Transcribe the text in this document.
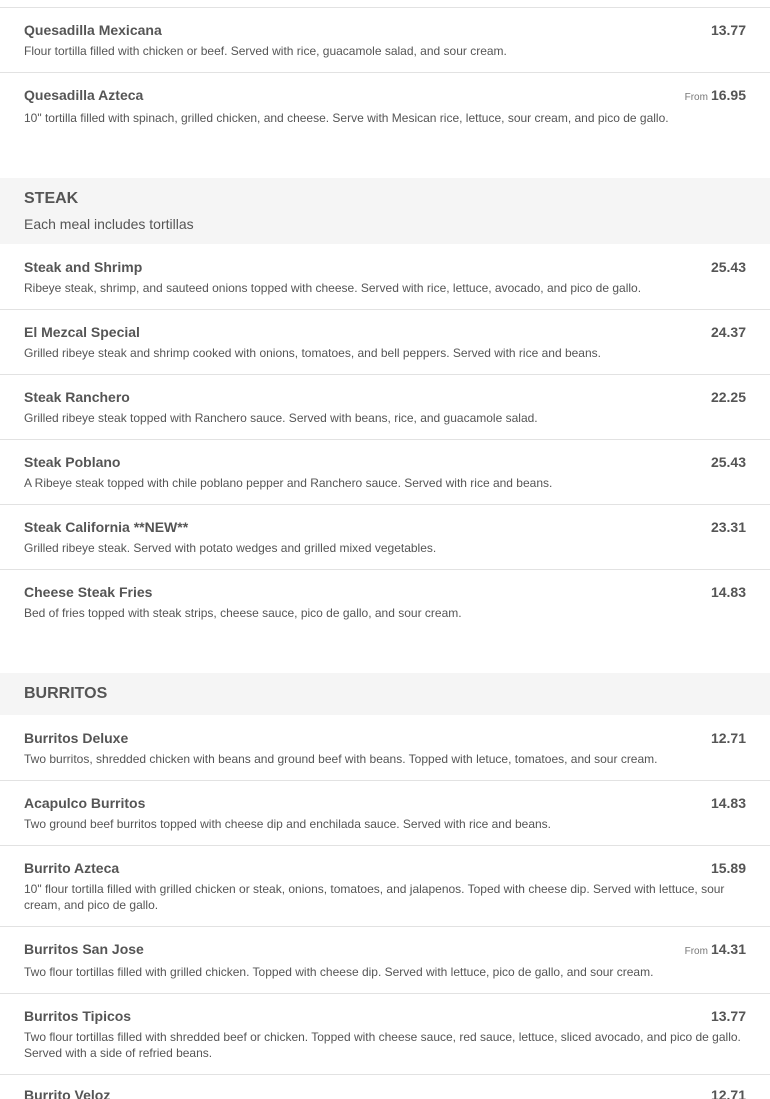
Quesadilla Mexicana	13.77
Flour tortilla filled with chicken or beef. Served with rice, guacamole salad, and sour cream.
Quesadilla Azteca	From 16.95
10" tortilla filled with spinach, grilled chicken, and cheese. Serve with Mesican rice, lettuce, sour cream, and pico de gallo.
STEAK
Each meal includes tortillas
Steak and Shrimp	25.43
Ribeye steak, shrimp, and sauteed onions topped with cheese. Served with rice, lettuce, avocado, and pico de gallo.
El Mezcal Special	24.37
Grilled ribeye steak and shrimp cooked with onions, tomatoes, and bell peppers. Served with rice and beans.
Steak Ranchero	22.25
Grilled ribeye steak topped with Ranchero sauce. Served with beans, rice, and guacamole salad.
Steak Poblano	25.43
A Ribeye steak topped with chile poblano pepper and Ranchero sauce. Served with rice and beans.
Steak California **NEW**	23.31
Grilled ribeye steak. Served with potato wedges and grilled mixed vegetables.
Cheese Steak Fries	14.83
Bed of fries topped with steak strips, cheese sauce, pico de gallo, and sour cream.
BURRITOS
Burritos Deluxe	12.71
Two burritos, shredded chicken with beans and ground beef with beans. Topped with letuce, tomatoes, and sour cream.
Acapulco Burritos	14.83
Two ground beef burritos topped with cheese dip and enchilada sauce. Served with rice and beans.
Burrito Azteca	15.89
10" flour tortilla filled with grilled chicken or steak, onions, tomatoes, and jalapenos. Toped with cheese dip. Served with lettuce, sour cream, and pico de gallo.
Burritos San Jose	From 14.31
Two flour tortillas filled with grilled chicken. Topped with cheese dip. Served with lettuce, pico de gallo, and sour cream.
Burritos Tipicos	13.77
Two flour tortillas filled with shredded beef or chicken. Topped with cheese sauce, red sauce, lettuce, sliced avocado, and pico de gallo. Served with a side of refried beans.
Burrito Veloz	12.71
